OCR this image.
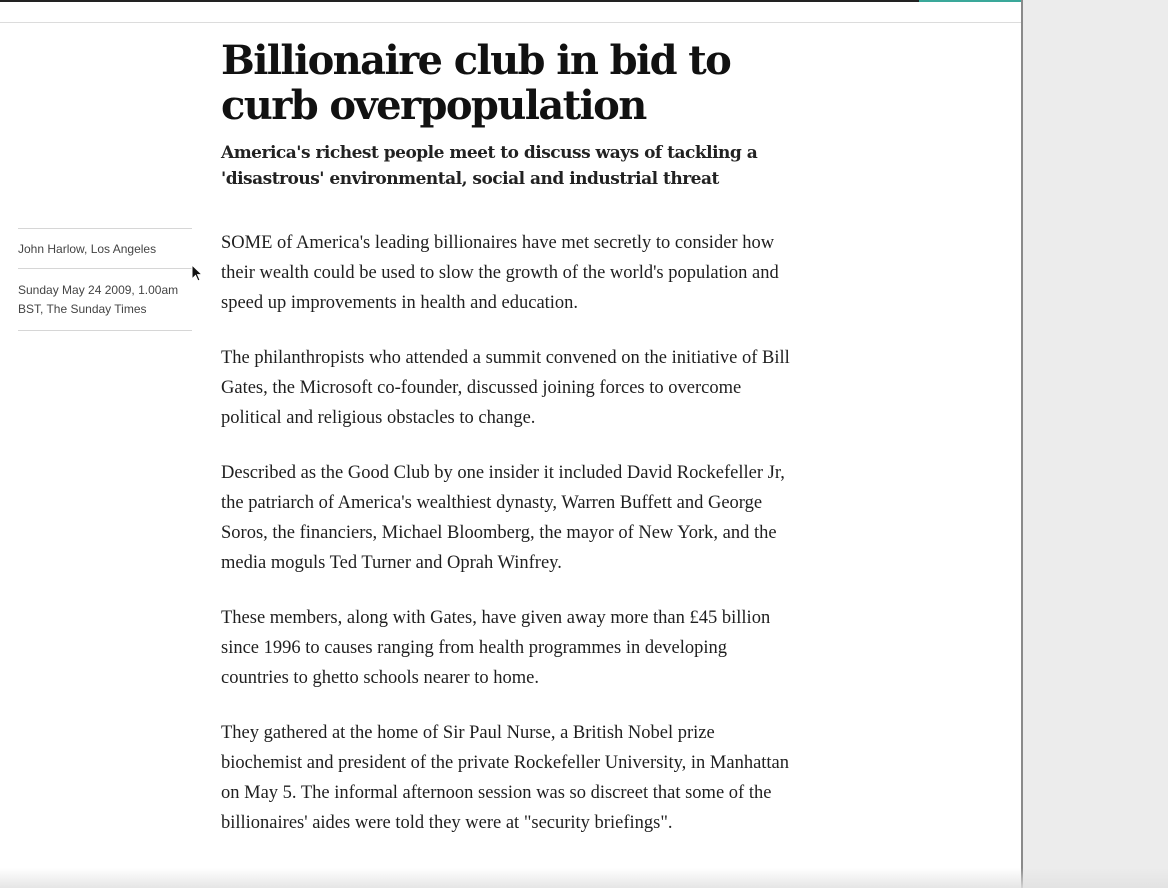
Billionaire club in bid to curb overpopulation

America's richest people meet to discuss ways of tackling a 'disastrous' environmental, social and industrial threat

John Harlow, Los Angeles
Sunday May 24 2009, 1.00am BST, The Sunday Times

SOME of America's leading billionaires have met secretly to consider how their wealth could be used to slow the growth of the world's population and speed up improvements in health and education.

The philanthropists who attended a summit convened on the initiative of Bill Gates, the Microsoft co-founder, discussed joining forces to overcome political and religious obstacles to change.

Described as the Good Club by one insider it included David Rockefeller Jr, the patriarch of America's wealthiest dynasty, Warren Buffett and George Soros, the financiers, Michael Bloomberg, the mayor of New York, and the media moguls Ted Turner and Oprah Winfrey.

These members, along with Gates, have given away more than £45 billion since 1996 to causes ranging from health programmes in developing countries to ghetto schools nearer to home.

They gathered at the home of Sir Paul Nurse, a British Nobel prize biochemist and president of the private Rockefeller University, in Manhattan on May 5. The informal afternoon session was so discreet that some of the billionaires' aides were told they were at "security briefings".
